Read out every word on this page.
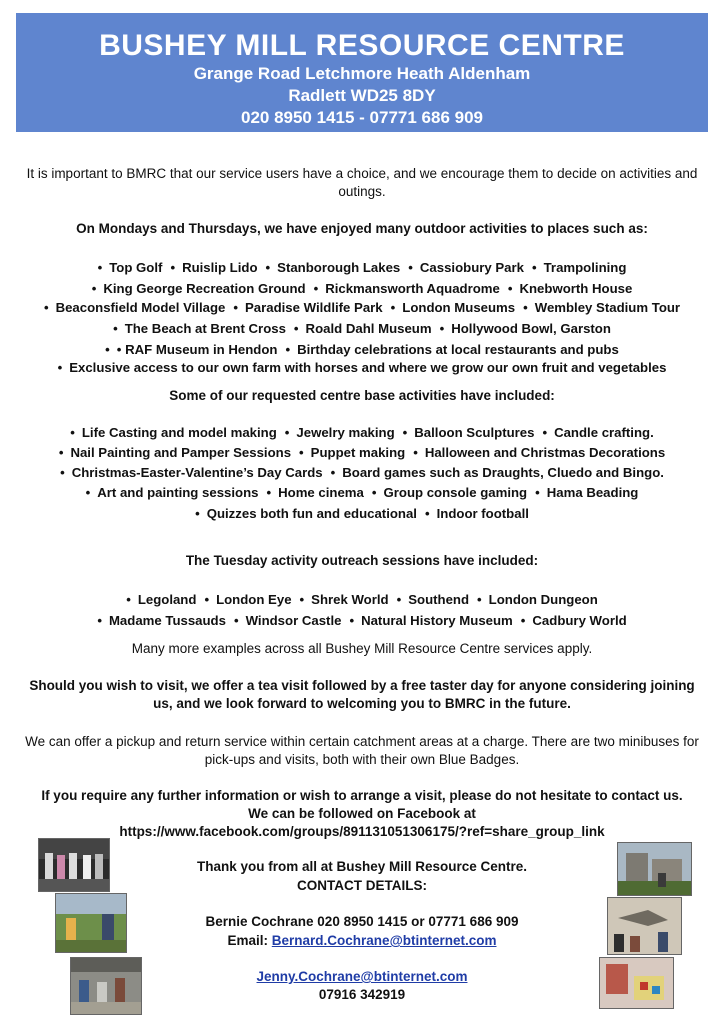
BUSHEY MILL RESOURCE CENTRE
Grange Road Letchmore Heath Aldenham
Radlett WD25 8DY
020 8950 1415 - 07771 686 909
It is important to BMRC that our service users have a choice, and we encourage them to decide on activities and outings.
On Mondays and Thursdays, we have enjoyed many outdoor activities to places such as:
• Top Golf • Ruislip Lido • Stanborough Lakes • Cassiobury Park • Trampolining
• King George Recreation Ground • Rickmansworth Aquadrome • Knebworth House
• Beaconsfield Model Village • Paradise Wildlife Park • London Museums • Wembley Stadium Tour
• The Beach at Brent Cross • Roald Dahl Museum • Hollywood Bowl, Garston
• • RAF Museum in Hendon • Birthday celebrations at local restaurants and pubs
• Exclusive access to our own farm with horses and where we grow our own fruit and vegetables
Some of our requested centre base activities have included:
• Life Casting and model making • Jewelry making • Balloon Sculptures • Candle crafting.
• Nail Painting and Pamper Sessions • Puppet making • Halloween and Christmas Decorations
• Christmas-Easter-Valentine’s Day Cards • Board games such as Draughts, Cluedo and Bingo.
• Art and painting sessions • Home cinema • Group console gaming • Hama Beading
• Quizzes both fun and educational • Indoor football
The Tuesday activity outreach sessions have included:
• Legoland • London Eye • Shrek World • Southend • London Dungeon
• Madame Tussauds • Windsor Castle • Natural History Museum • Cadbury World
Many more examples across all Bushey Mill Resource Centre services apply.
Should you wish to visit, we offer a tea visit followed by a free taster day for anyone considering joining us, and we look forward to welcoming you to BMRC in the future.
We can offer a pickup and return service within certain catchment areas at a charge. There are two minibuses for pick-ups and visits, both with their own Blue Badges.
If you require any further information or wish to arrange a visit, please do not hesitate to contact us.
We can be followed on Facebook at
https://www.facebook.com/groups/891131051306175/?ref=share_group_link
Thank you from all at Bushey Mill Resource Centre.
CONTACT DETAILS:
Bernie Cochrane 020 8950 1415 or 07771 686 909
Email: Bernard.Cochrane@btinternet.com
Jenny.Cochrane@btinternet.com
07916 342919
